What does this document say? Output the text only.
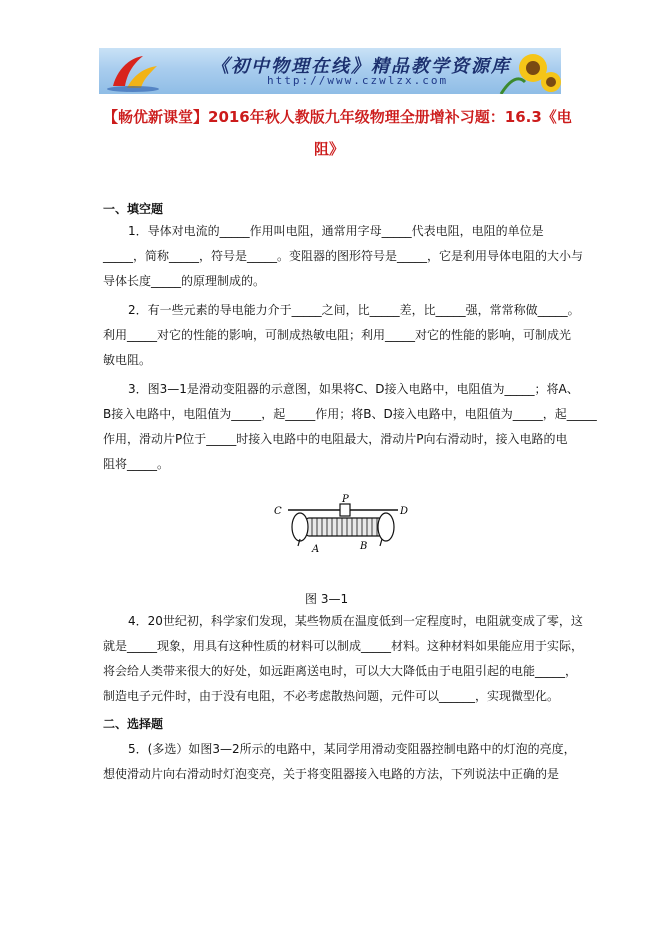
《初中物理在线》精品教学资源库
http://www.czwlzx.com
【畅优新课堂】2016年秋人教版九年级物理全册增补习题：16.3《电
阻》
一、填空题
1．导体对电流的_____作用叫电阻，通常用字母_____代表电阻，电阻的单位是
_____，简称_____，符号是_____。变阻器的图形符号是_____，它是利用导体电阻的大小与
导体长度_____的原理制成的。
2．有一些元素的导电能力介于_____之间，比_____差，比_____强，常常称做_____。
利用_____对它的性能的影响，可制成热敏电阻；利用_____对它的性能的影响，可制成光
敏电阻。
3．图3—1是滑动变阻器的示意图，如果将C、D接入电路中，电阻值为_____；将A、
B接入电路中，电阻值为_____，起_____作用；将B、D接入电路中，电阻值为_____，起_____
作用，滑动片P位于_____时接入电路中的电阻最大，滑动片P向右滑动时，接入电路的电
阻将_____。
C	D
P
A	B
图 3—1
4．20世纪初，科学家们发现，某些物质在温度低到一定程度时，电阻就变成了零，这
就是_____现象，用具有这种性质的材料可以制成_____材料。这种材料如果能应用于实际，
将会给人类带来很大的好处，如远距离送电时，可以大大降低由于电阻引起的电能_____，
制造电子元件时，由于没有电阻，不必考虑散热问题，元件可以______，实现微型化。
二、选择题
5．(多选）如图3—2所示的电路中，某同学用滑动变阻器控制电路中的灯泡的亮度，
想使滑动片向右滑动时灯泡变亮，关于将变阻器接入电路的方法，下列说法中正确的是
